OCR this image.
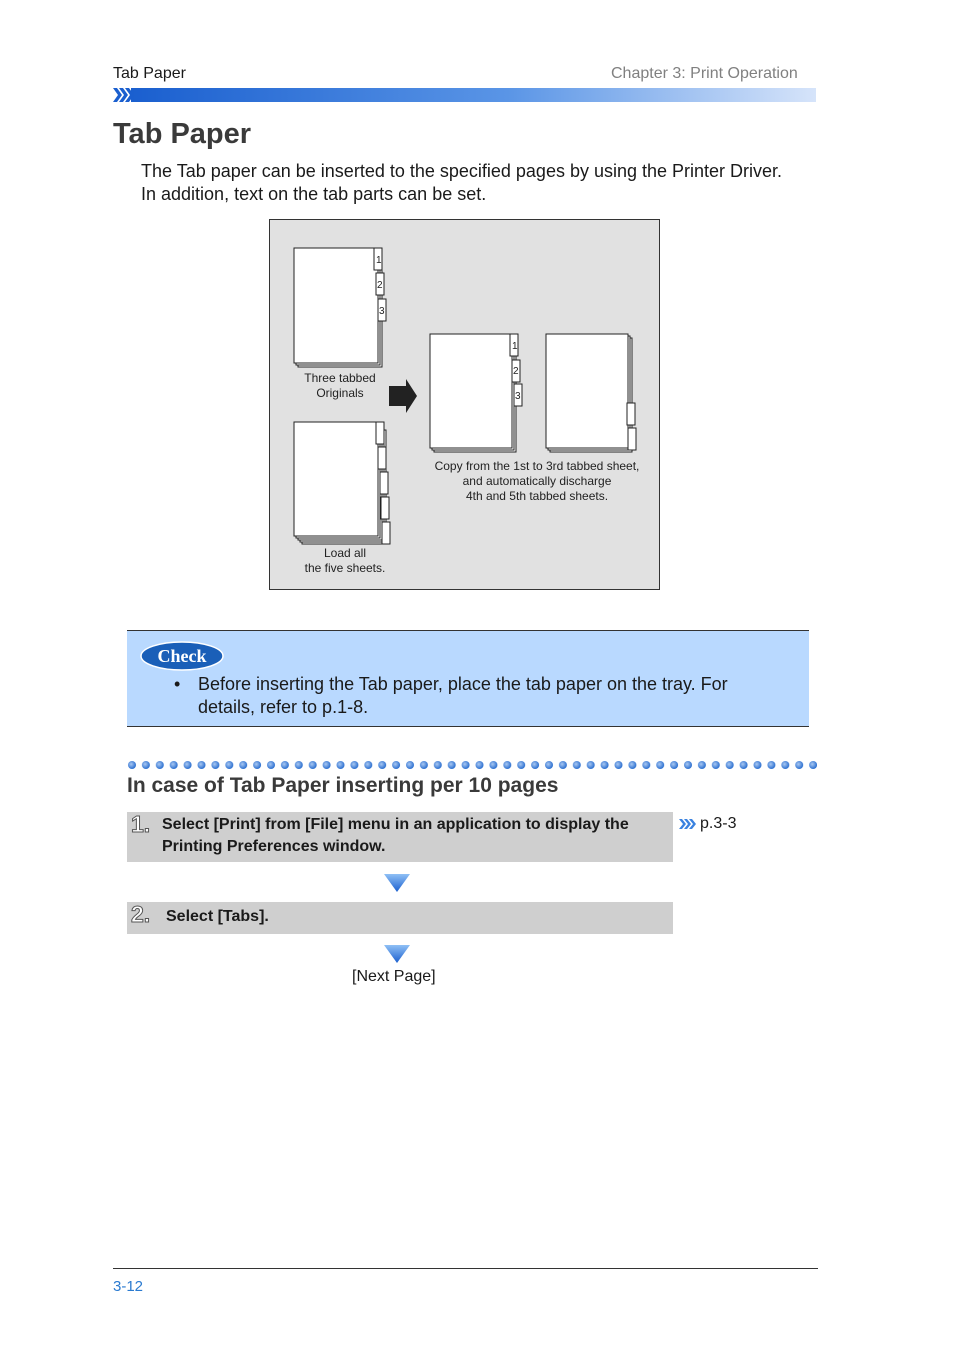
Tab Paper	Chapter 3: Print Operation
Tab Paper
The Tab paper can be inserted to the specified pages by using the Printer Driver. In addition, text on the tab parts can be set.
1
2
3
1
2
3
Three tabbed
Originals
Copy from the 1st to 3rd tabbed sheet,
and automatically discharge
4th and 5th tabbed sheets.
Load all
the five sheets.
Check
• Before inserting the Tab paper, place the tab paper on the tray. For details, refer to p.1-8.
In case of Tab Paper inserting per 10 pages
1. Select [Print] from [File] menu in an application to display the Printing Preferences window.
p.3-3
2. Select [Tabs].
[Next Page]
3-12
